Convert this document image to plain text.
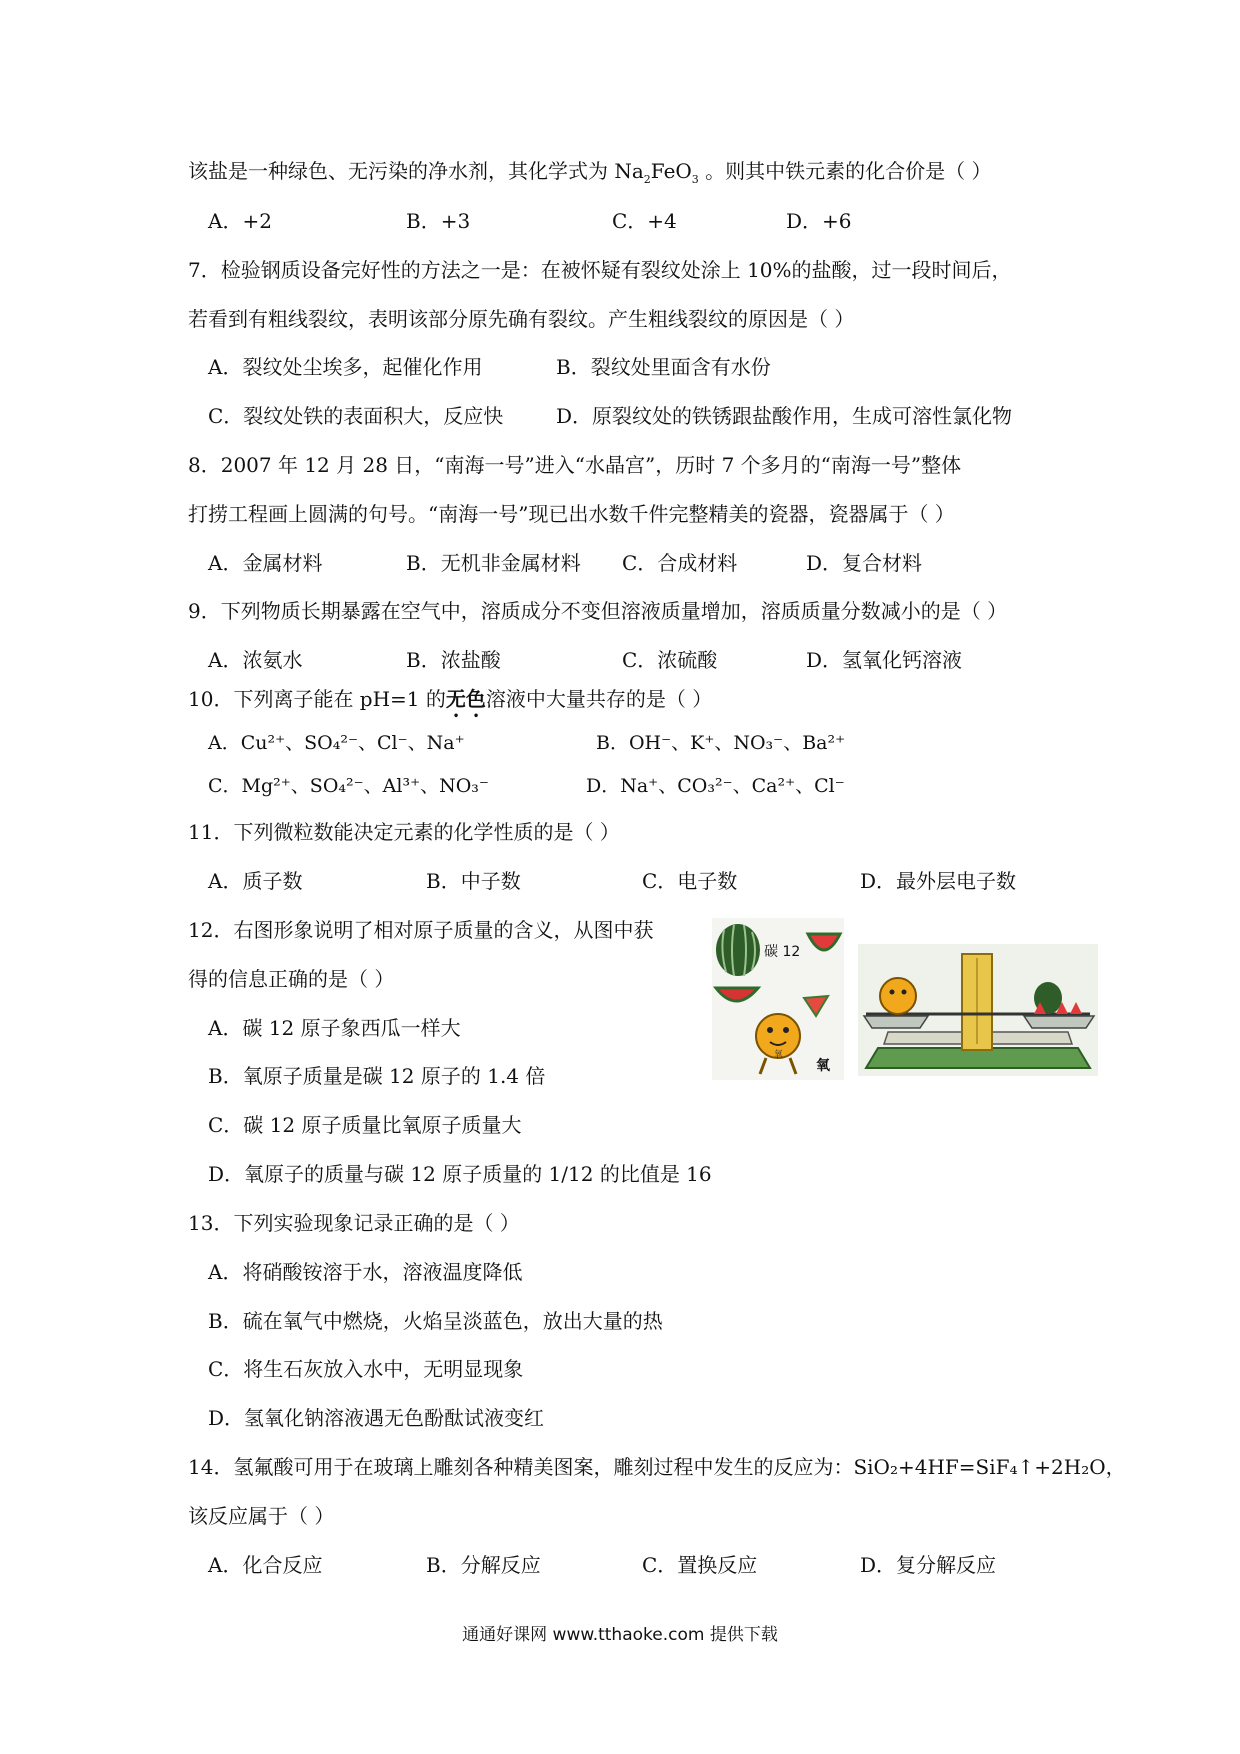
该盐是一种绿色、无污染的净水剂，其化学式为 $Na_2FeO_3$ 。则其中铁元素的化合价是（ ）
A．+2	B．+3	C．+4	D．+6
7．检验钢质设备完好性的方法之一是：在被怀疑有裂纹处涂上 10%的盐酸，过一段时间后，
若看到有粗线裂纹，表明该部分原先确有裂纹。产生粗线裂纹的原因是（ ）
A．裂纹处尘埃多，起催化作用	B．裂纹处里面含有水份
C．裂纹处铁的表面积大，反应快	D．原裂纹处的铁锈跟盐酸作用，生成可溶性氯化物
8．2007 年 12 月 28 日，“南海一号”进入“水晶宫”，历时 7 个多月的“南海一号”整体
打捞工程画上圆满的句号。“南海一号”现已出水数千件完整精美的瓷器，瓷器属于（ ）
A．金属材料	B．无机非金属材料 C．合成材料	D．复合材料
9．下列物质长期暴露在空气中，溶质成分不变但溶液质量增加，溶质质量分数减小的是（ ）
A．浓氨水	B．浓盐酸	C．浓硫酸	D．氢氧化钙溶液
10．下列离子能在 pH=1 的无色溶液中大量共存的是（ ）
A．Cu²⁺、SO₄²⁻、Cl⁻、Na⁺	B．OH⁻、K⁺、NO₃⁻、Ba²⁺
C．Mg²⁺、SO₄²⁻、Al³⁺、NO₃⁻	D．Na⁺、CO₃²⁻、Ca²⁺、Cl⁻
11．下列微粒数能决定元素的化学性质的是（ ）
A．质子数	B．中子数	C．电子数	D．最外层电子数
12．右图形象说明了相对原子质量的含义，从图中获
得的信息正确的是（ ）
A．碳 12 原子象西瓜一样大
B．氧原子质量是碳 12 原子的 1.4 倍
C．碳 12 原子质量比氧原子质量大
D．氧原子的质量与碳 12 原子质量的 1/12 的比值是 16
碳 12
氧
氧
13．下列实验现象记录正确的是（ ）
A．将硝酸铵溶于水，溶液温度降低
B．硫在氧气中燃烧，火焰呈淡蓝色，放出大量的热
C．将生石灰放入水中，无明显现象
D．氢氧化钠溶液遇无色酚酞试液变红
14．氢氟酸可用于在玻璃上雕刻各种精美图案，雕刻过程中发生的反应为：SiO₂+4HF=SiF₄↑+2H₂O，
该反应属于（ ）
A．化合反应	B．分解反应	C．置换反应	D．复分解反应
通通好课网 www.tthaoke.com 提供下载
